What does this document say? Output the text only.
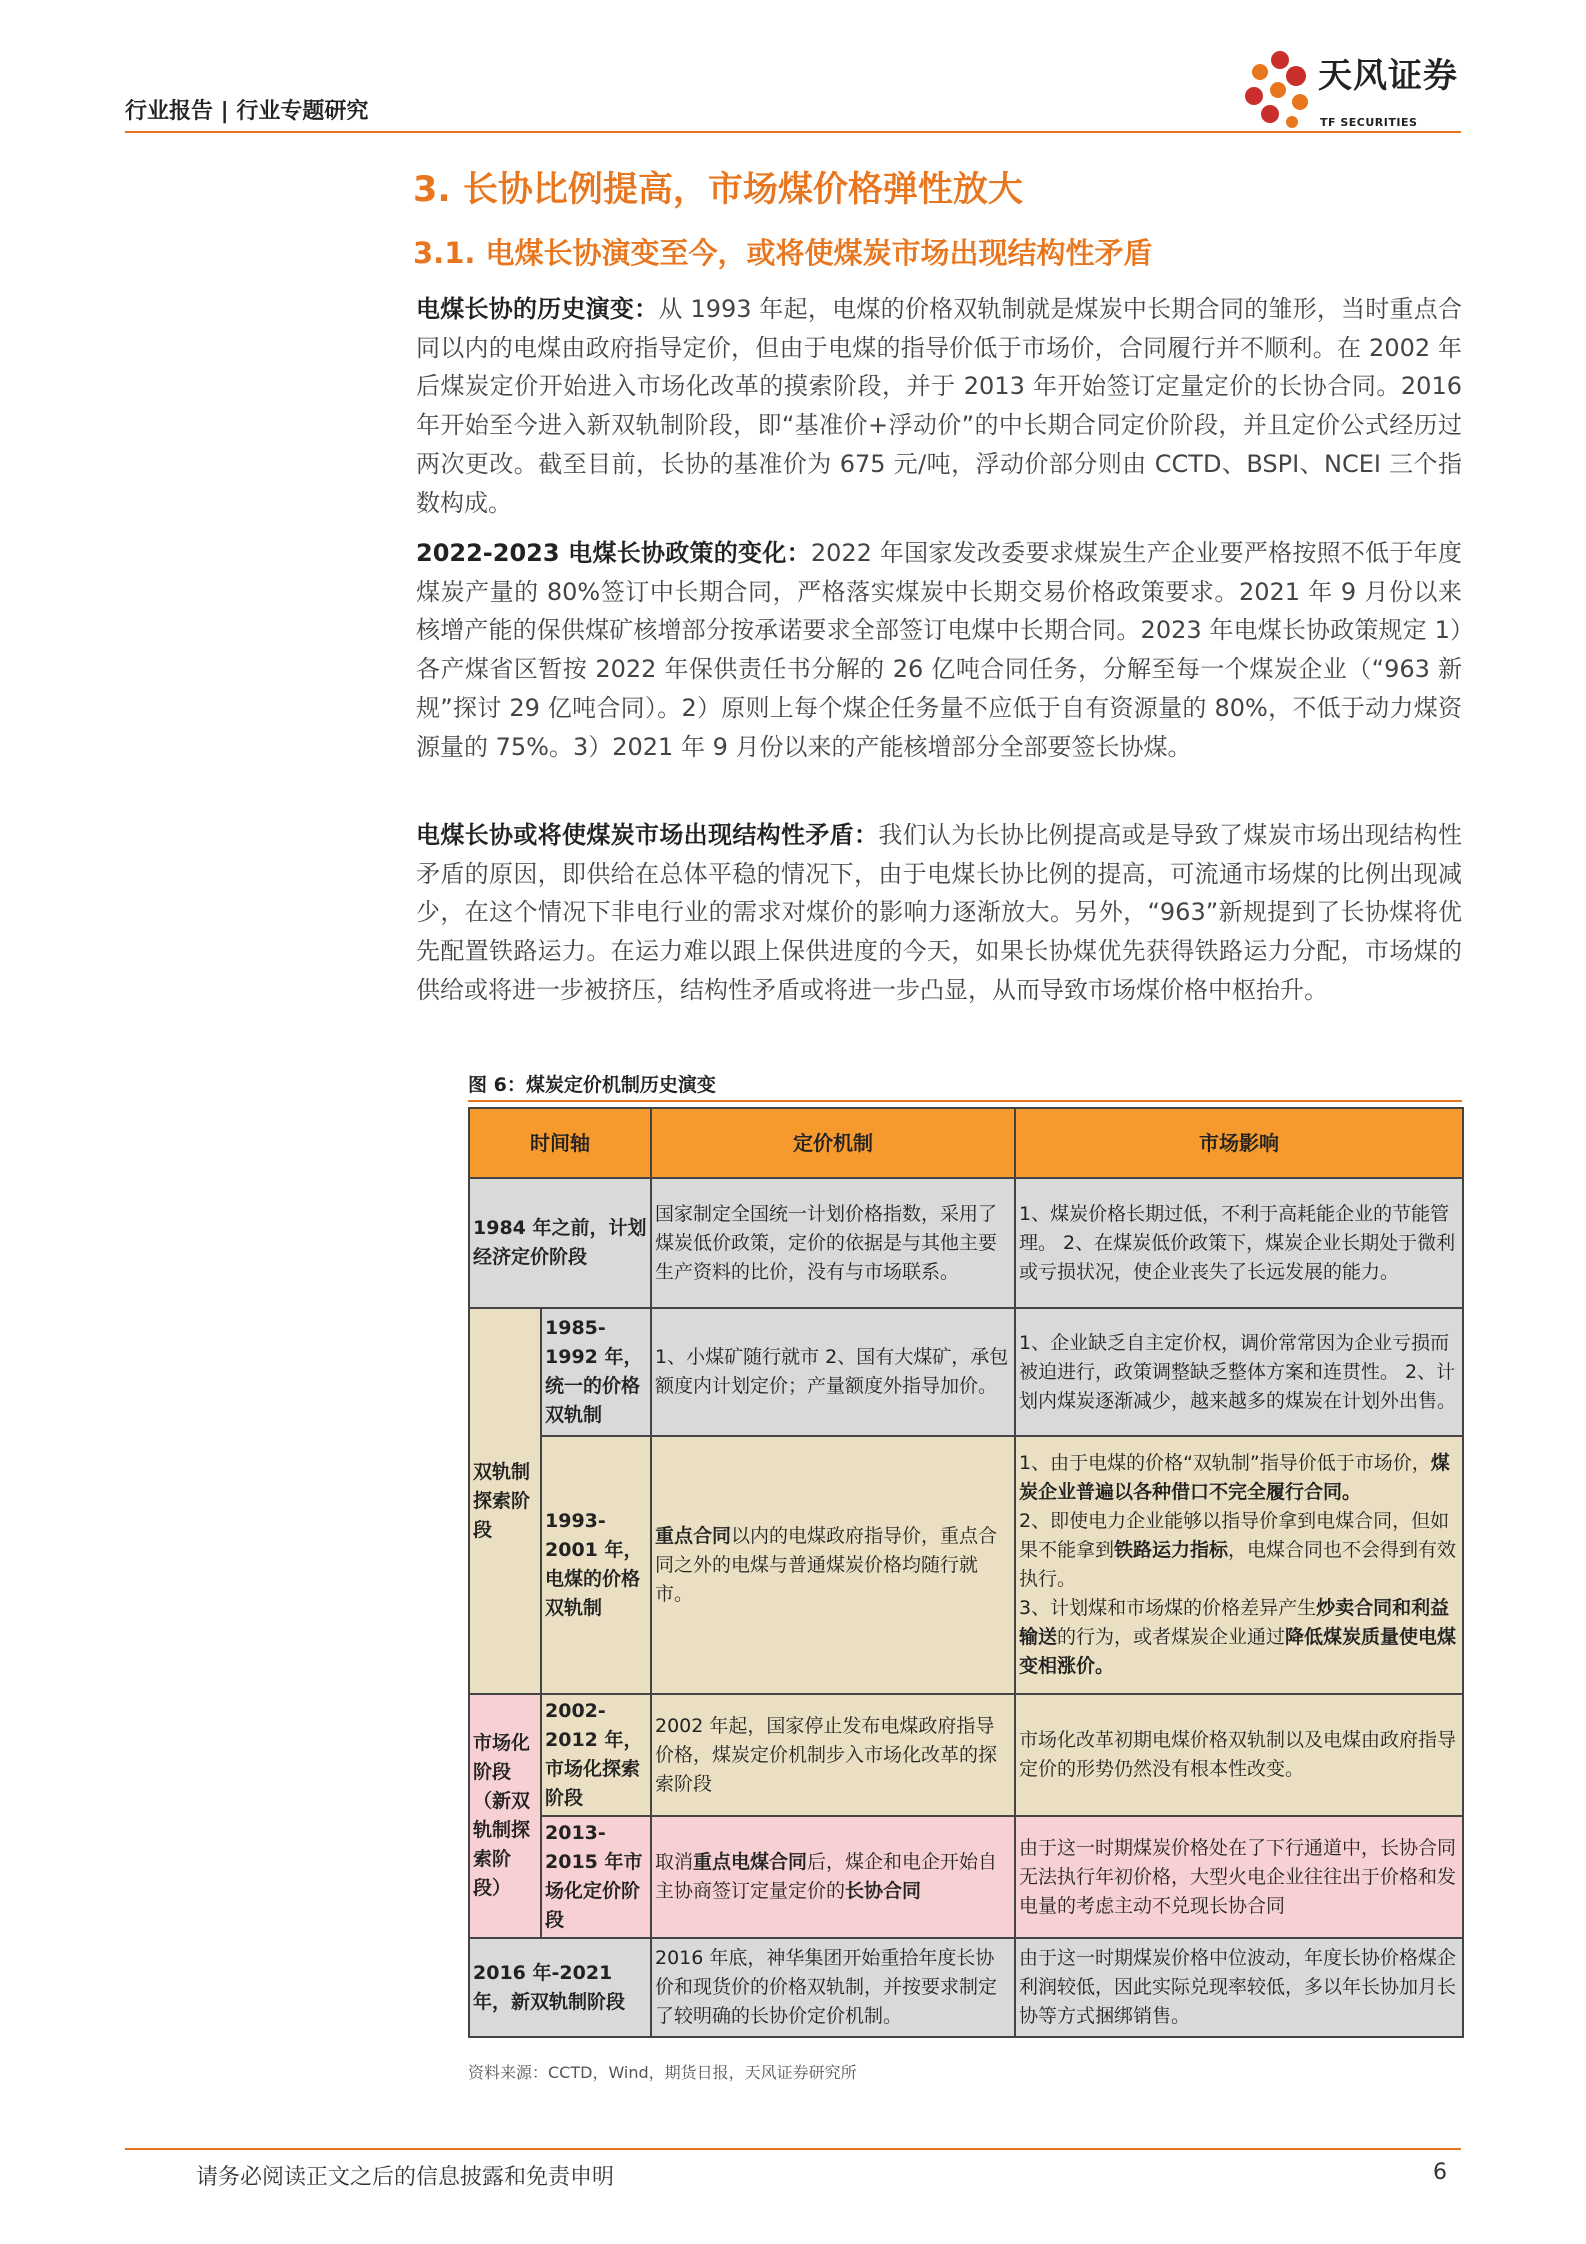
行业报告 | 行业专题研究
天风证券
TF SECURITIES
3. 长协比例提高，市场煤价格弹性放大
3.1. 电煤长协演变至今，或将使煤炭市场出现结构性矛盾
电煤长协的历史演变：从 1993 年起，电煤的价格双轨制就是煤炭中长期合同的雏形，当时重点合同以内的电煤由政府指导定价，但由于电煤的指导价低于市场价，合同履行并不顺利。在 2002 年后煤炭定价开始进入市场化改革的摸索阶段，并于 2013 年开始签订定量定价的长协合同。2016 年开始至今进入新双轨制阶段，即“基准价+浮动价”的中长期合同定价阶段，并且定价公式经历过两次更改。截至目前，长协的基准价为 675 元/吨，浮动价部分则由 CCTD、BSPI、NCEI 三个指数构成。
2022-2023 电煤长协政策的变化：2022 年国家发改委要求煤炭生产企业要严格按照不低于年度煤炭产量的 80%签订中长期合同，严格落实煤炭中长期交易价格政策要求。2021 年 9 月份以来核增产能的保供煤矿核增部分按承诺要求全部签订电煤中长期合同。2023 年电煤长协政策规定 1）各产煤省区暂按 2022 年保供责任书分解的 26 亿吨合同任务，分解至每一个煤炭企业（“963 新规”探讨 29 亿吨合同）。2）原则上每个煤企任务量不应低于自有资源量的 80%，不低于动力煤资源量的 75%。3）2021 年 9 月份以来的产能核增部分全部要签长协煤。
电煤长协或将使煤炭市场出现结构性矛盾：我们认为长协比例提高或是导致了煤炭市场出现结构性矛盾的原因，即供给在总体平稳的情况下，由于电煤长协比例的提高，可流通市场煤的比例出现减少，在这个情况下非电行业的需求对煤价的影响力逐渐放大。另外，“963”新规提到了长协煤将优先配置铁路运力。在运力难以跟上保供进度的今天，如果长协煤优先获得铁路运力分配，市场煤的供给或将进一步被挤压，结构性矛盾或将进一步凸显，从而导致市场煤价格中枢抬升。
图 6：煤炭定价机制历史演变
时间轴		定价机制	市场影响
1984 年之前，计划经济定价阶段		国家制定全国统一计划价格指数，采用了煤炭低价政策，定价的依据是与其他主要生产资料的比价，没有与市场联系。	1、煤炭价格长期过低，不利于高耗能企业的节能管理。 2、在煤炭低价政策下，煤炭企业长期处于微利或亏损状况，使企业丧失了长远发展的能力。
双轨制探索阶段	1985-1992 年，统一的价格双轨制	1、小煤矿随行就市 2、国有大煤矿，承包额度内计划定价；产量额度外指导加价。	1、企业缺乏自主定价权，调价常常因为企业亏损而被迫进行，政策调整缺乏整体方案和连贯性。 2、计划内煤炭逐渐减少，越来越多的煤炭在计划外出售。
	1993-2001 年，电煤的价格双轨制	重点合同以内的电煤政府指导价，重点合同之外的电煤与普通煤炭价格均随行就市。	1、由于电煤的价格“双轨制”指导价低于市场价，煤炭企业普遍以各种借口不完全履行合同。
2、即使电力企业能够以指导价拿到电煤合同，但如果不能拿到铁路运力指标，电煤合同也不会得到有效执行。
3、计划煤和市场煤的价格差异产生炒卖合同和利益输送的行为，或者煤炭企业通过降低煤炭质量使电煤变相涨价。
市场化阶段（新双轨制探索阶段）	2002-2012 年，市场化探索阶段	2002 年起，国家停止发布电煤政府指导价格，煤炭定价机制步入市场化改革的探索阶段	市场化改革初期电煤价格双轨制以及电煤由政府指导定价的形势仍然没有根本性改变。
	2013-2015 年市场化定价阶段	取消重点电煤合同后，煤企和电企开始自主协商签订定量定价的长协合同	由于这一时期煤炭价格处在了下行通道中，长协合同无法执行年初价格，大型火电企业往往出于价格和发电量的考虑主动不兑现长协合同
2016 年-2021 年，新双轨制阶段		2016 年底，神华集团开始重拾年度长协价和现货价的价格双轨制，并按要求制定了较明确的长协价定价机制。	由于这一时期煤炭价格中位波动，年度长协价格煤企利润较低，因此实际兑现率较低，多以年长协加月长协等方式捆绑销售。
资料来源：CCTD，Wind，期货日报，天风证券研究所
请务必阅读正文之后的信息披露和免责申明	6
